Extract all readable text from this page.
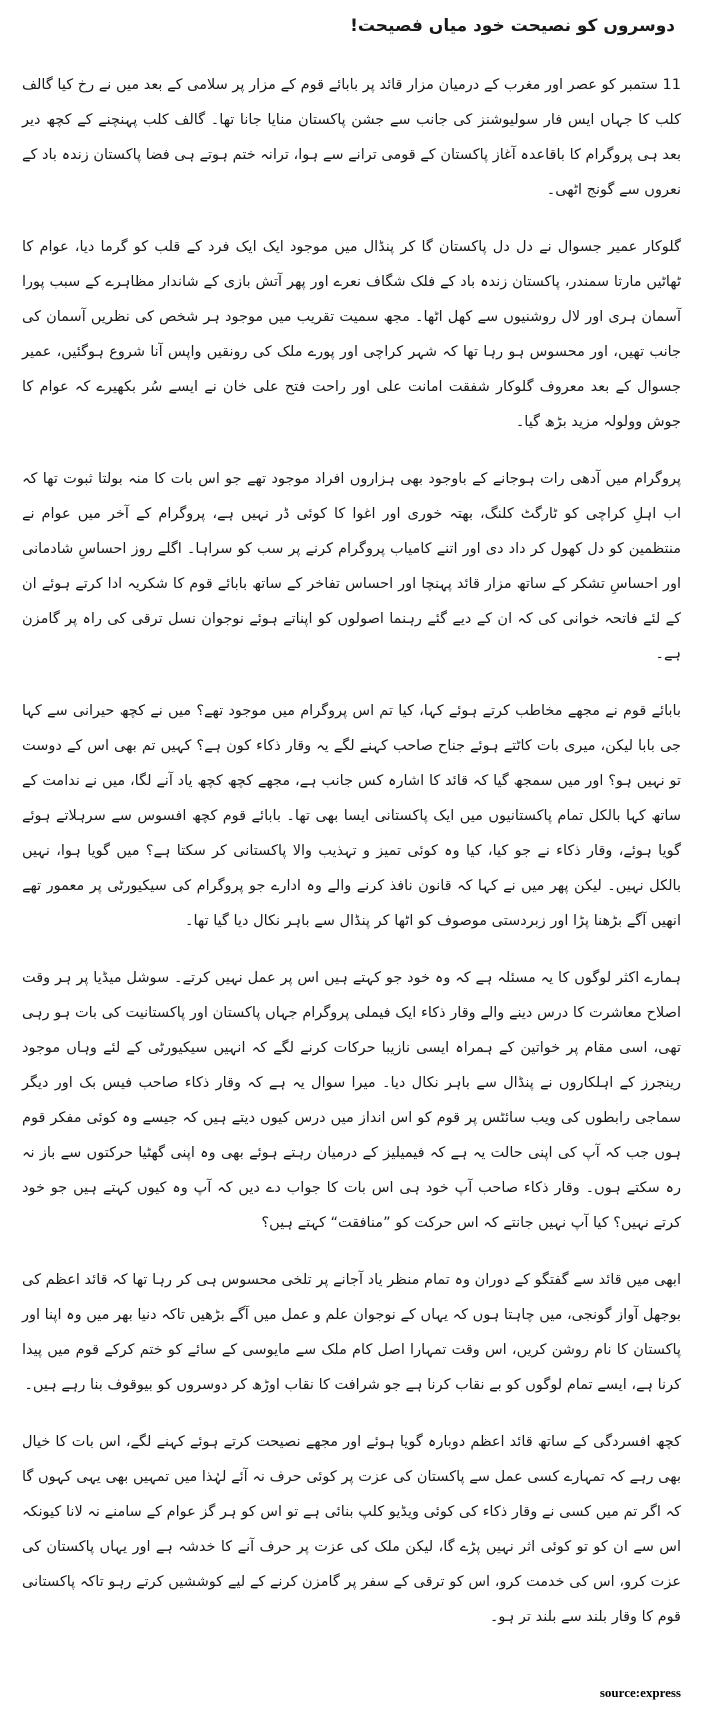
دوسروں کو نصیحت خود میاں فصیحت!

11 ستمبر کو عصر اور مغرب کے درمیان مزار قائد پر بابائے قوم کے مزار پر سلامی کے بعد میں نے رخ کیا گالف کلب کا جہاں ایس فار سولیوشنز کی جانب سے جشن پاکستان منایا جانا تھا۔ گالف کلب پہنچنے کے کچھ دیر بعد ہی پروگرام کا باقاعدہ آغاز پاکستان کے قومی ترانے سے ہوا، ترانہ ختم ہوتے ہی فضا پاکستان زندہ باد کے نعروں سے گونج اٹھی۔

گلوکار عمیر جسوال نے دل دل پاکستان گا کر پنڈال میں موجود ایک ایک فرد کے قلب کو گرما دیا، عوام کا ٹھاٹیں مارتا سمندر، پاکستان زندہ باد کے فلک شگاف نعرے اور پھر آتش بازی کے شاندار مظاہرے کے سبب پورا آسمان ہری اور لال روشنیوں سے کھل اٹھا۔ مجھ سمیت تقریب میں موجود ہر شخص کی نظریں آسمان کی جانب تھیں، اور محسوس ہو رہا تھا کہ شہر کراچی اور پورے ملک کی رونقیں واپس آنا شروع ہوگئیں، عمیر جسوال کے بعد معروف گلوکار شفقت امانت علی اور راحت فتح علی خان نے ایسے سُر بکھیرے کہ عوام کا جوش وولولہ مزید بڑھ گیا۔

پروگرام میں آدھی رات ہوجانے کے باوجود بھی ہزاروں افراد موجود تھے جو اس بات کا منہ بولتا ثبوت تھا کہ اب اہلِ کراچی کو ٹارگٹ کلنگ، بھتہ خوری اور اغوا کا کوئی ڈر نہیں ہے، پروگرام کے آخر میں عوام نے منتظمین کو دل کھول کر داد دی اور اتنے کامیاب پروگرام کرنے پر سب کو سراہا۔ اگلے روز احساسِ شادمانی اور احساسِ تشکر کے ساتھ مزار قائد پہنچا اور احساس تفاخر کے ساتھ بابائے قوم کا شکریہ ادا کرتے ہوئے ان کے لئے فاتحہ خوانی کی کہ ان کے دیے گئے رہنما اصولوں کو اپناتے ہوئے نوجوان نسل ترقی کی راہ پر گامزن ہے۔

بابائے قوم نے مجھے مخاطب کرتے ہوئے کہا، کیا تم اس پروگرام میں موجود تھے؟ میں نے کچھ حیرانی سے کہا جی بابا لیکن، میری بات کاٹتے ہوئے جناح صاحب کہنے لگے یہ وقار ذکاء کون ہے؟ کہیں تم بھی اس کے دوست تو نہیں ہو؟ اور میں سمجھ گیا کہ قائد کا اشارہ کس جانب ہے، مجھے کچھ کچھ یاد آنے لگا، میں نے ندامت کے ساتھ کہا بالکل تمام پاکستانیوں میں ایک پاکستانی ایسا بھی تھا۔ بابائے قوم کچھ افسوس سے سرہلاتے ہوئے گویا ہوئے، وقار ذکاء نے جو کیا، کیا وہ کوئی تمیز و تہذیب والا پاکستانی کر سکتا ہے؟ میں گویا ہوا، نہیں بالکل نہیں۔ لیکن پھر میں نے کہا کہ قانون نافذ کرنے والے وہ ادارے جو پروگرام کی سیکیورٹی پر معمور تھے انھیں آگے بڑھنا پڑا اور زبردستی موصوف کو اٹھا کر پنڈال سے باہر نکال دیا گیا تھا۔

ہمارے اکثر لوگوں کا یہ مسئلہ ہے کہ وہ خود جو کہتے ہیں اس پر عمل نہیں کرتے۔ سوشل میڈیا پر ہر وقت اصلاح معاشرت کا درس دینے والے وقار ذکاء ایک فیملی پروگرام جہاں پاکستان اور پاکستانیت کی بات ہو رہی تھی، اسی مقام پر خواتین کے ہمراہ ایسی نازیبا حرکات کرنے لگے کہ انہیں سیکیورٹی کے لئے وہاں موجود رینجرز کے اہلکاروں نے پنڈال سے باہر نکال دیا۔ میرا سوال یہ ہے کہ وقار ذکاء صاحب فیس بک اور دیگر سماجی رابطوں کی ویب سائٹس پر قوم کو اس انداز میں درس کیوں دیتے ہیں کہ جیسے وہ کوئی مفکر قوم ہوں جب کہ آپ کی اپنی حالت یہ ہے کہ فیمیلیز کے درمیان رہتے ہوئے بھی وہ اپنی گھٹیا حرکتوں سے باز نہ رہ سکتے ہوں۔ وقار ذکاء صاحب آپ خود ہی اس بات کا جواب دے دیں کہ آپ وہ کیوں کہتے ہیں جو خود کرتے نہیں؟ کیا آپ نہیں جانتے کہ اس حرکت کو ”منافقت“ کہتے ہیں؟

ابھی میں قائد سے گفتگو کے دوران وہ تمام منظر یاد آجانے پر تلخی محسوس ہی کر رہا تھا کہ قائد اعظم کی بوجھل آواز گونجی، میں چاہتا ہوں کہ یہاں کے نوجوان علم و عمل میں آگے بڑھیں تاکہ دنیا بھر میں وہ اپنا اور پاکستان کا نام روشن کریں، اس وقت تمہارا اصل کام ملک سے مایوسی کے سائے کو ختم کرکے قوم میں پیدا کرنا ہے، ایسے تمام لوگوں کو بے نقاب کرنا ہے جو شرافت کا نقاب اوڑھ کر دوسروں کو بیوقوف بنا رہے ہیں۔

کچھ افسردگی کے ساتھ قائد اعظم دوبارہ گویا ہوئے اور مجھے نصیحت کرتے ہوئے کہنے لگے، اس بات کا خیال بھی رہے کہ تمہارے کسی عمل سے پاکستان کی عزت پر کوئی حرف نہ آئے لہٰذا میں تمہیں بھی یہی کہوں گا کہ اگر تم میں کسی نے وقار ذکاء کی کوئی ویڈیو کلپ بنائی ہے تو اس کو ہر گز عوام کے سامنے نہ لانا کیونکہ اس سے ان کو تو کوئی اثر نہیں پڑے گا، لیکن ملک کی عزت پر حرف آنے کا خدشہ ہے اور یہاں پاکستان کی عزت کرو، اس کی خدمت کرو، اس کو ترقی کے سفر پر گامزن کرنے کے لیے کوششیں کرتے رہو تاکہ پاکستانی قوم کا وقار بلند سے بلند تر ہو۔

source:express
